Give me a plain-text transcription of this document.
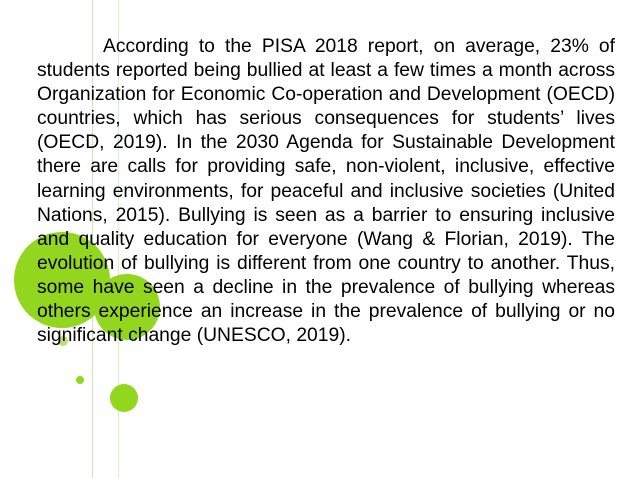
According to the PISA 2018 report, on average, 23% of students reported being bullied at least a few times a month across Organization for Economic Co-operation and Development (OECD) countries, which has serious consequences for students’ lives (OECD, 2019). In the 2030 Agenda for Sustainable Development there are calls for providing safe, non-violent, inclusive, effective learning environments, for peaceful and inclusive societies (United Nations, 2015). Bullying is seen as a barrier to ensuring inclusive and quality education for everyone (Wang & Florian, 2019). The evolution of bullying is different from one country to another. Thus, some have seen a decline in the prevalence of bullying whereas others experience an increase in the prevalence of bullying or no significant change (UNESCO, 2019).
